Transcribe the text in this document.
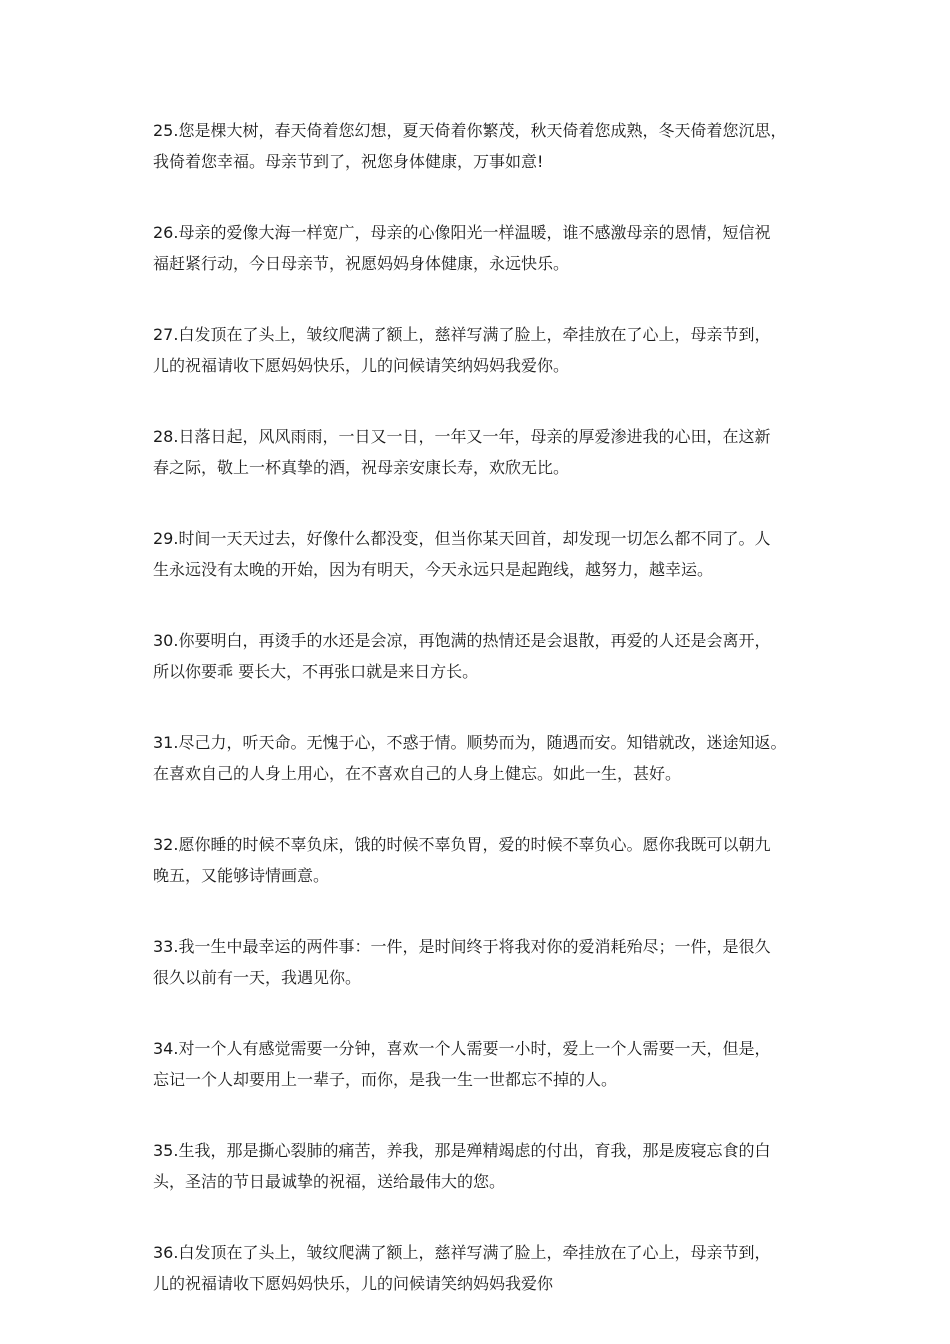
25.您是棵大树，春天倚着您幻想，夏天倚着你繁茂，秋天倚着您成熟，冬天倚着您沉思，
我倚着您幸福。母亲节到了，祝您身体健康，万事如意!
26.母亲的爱像大海一样宽广，母亲的心像阳光一样温暖，谁不感激母亲的恩情，短信祝
福赶紧行动，今日母亲节，祝愿妈妈身体健康，永远快乐。
27.白发顶在了头上，皱纹爬满了额上，慈祥写满了脸上，牵挂放在了心上，母亲节到，
儿的祝福请收下愿妈妈快乐，儿的问候请笑纳妈妈我爱你。
28.日落日起，风风雨雨，一日又一日，一年又一年，母亲的厚爱渗进我的心田，在这新
春之际，敬上一杯真挚的酒，祝母亲安康长寿，欢欣无比。
29.时间一天天过去，好像什么都没变，但当你某天回首，却发现一切怎么都不同了。人
生永远没有太晚的开始，因为有明天，今天永远只是起跑线，越努力，越幸运。
30.你要明白，再烫手的水还是会凉，再饱满的热情还是会退散，再爱的人还是会离开，
所以你要乖 要长大，不再张口就是来日方长。
31.尽己力，听天命。无愧于心，不惑于情。顺势而为，随遇而安。知错就改，迷途知返。
在喜欢自己的人身上用心，在不喜欢自己的人身上健忘。如此一生，甚好。
32.愿你睡的时候不辜负床，饿的时候不辜负胃，爱的时候不辜负心。愿你我既可以朝九
晚五，又能够诗情画意。
33.我一生中最幸运的两件事：一件，是时间终于将我对你的爱消耗殆尽；一件，是很久
很久以前有一天，我遇见你。
34.对一个人有感觉需要一分钟，喜欢一个人需要一小时，爱上一个人需要一天，但是，
忘记一个人却要用上一辈子，而你，是我一生一世都忘不掉的人。
35.生我，那是撕心裂肺的痛苦，养我，那是殚精竭虑的付出，育我，那是废寝忘食的白
头，圣洁的节日最诚挚的祝福，送给最伟大的您。
36.白发顶在了头上，皱纹爬满了额上，慈祥写满了脸上，牵挂放在了心上，母亲节到，
儿的祝福请收下愿妈妈快乐，儿的问候请笑纳妈妈我爱你
